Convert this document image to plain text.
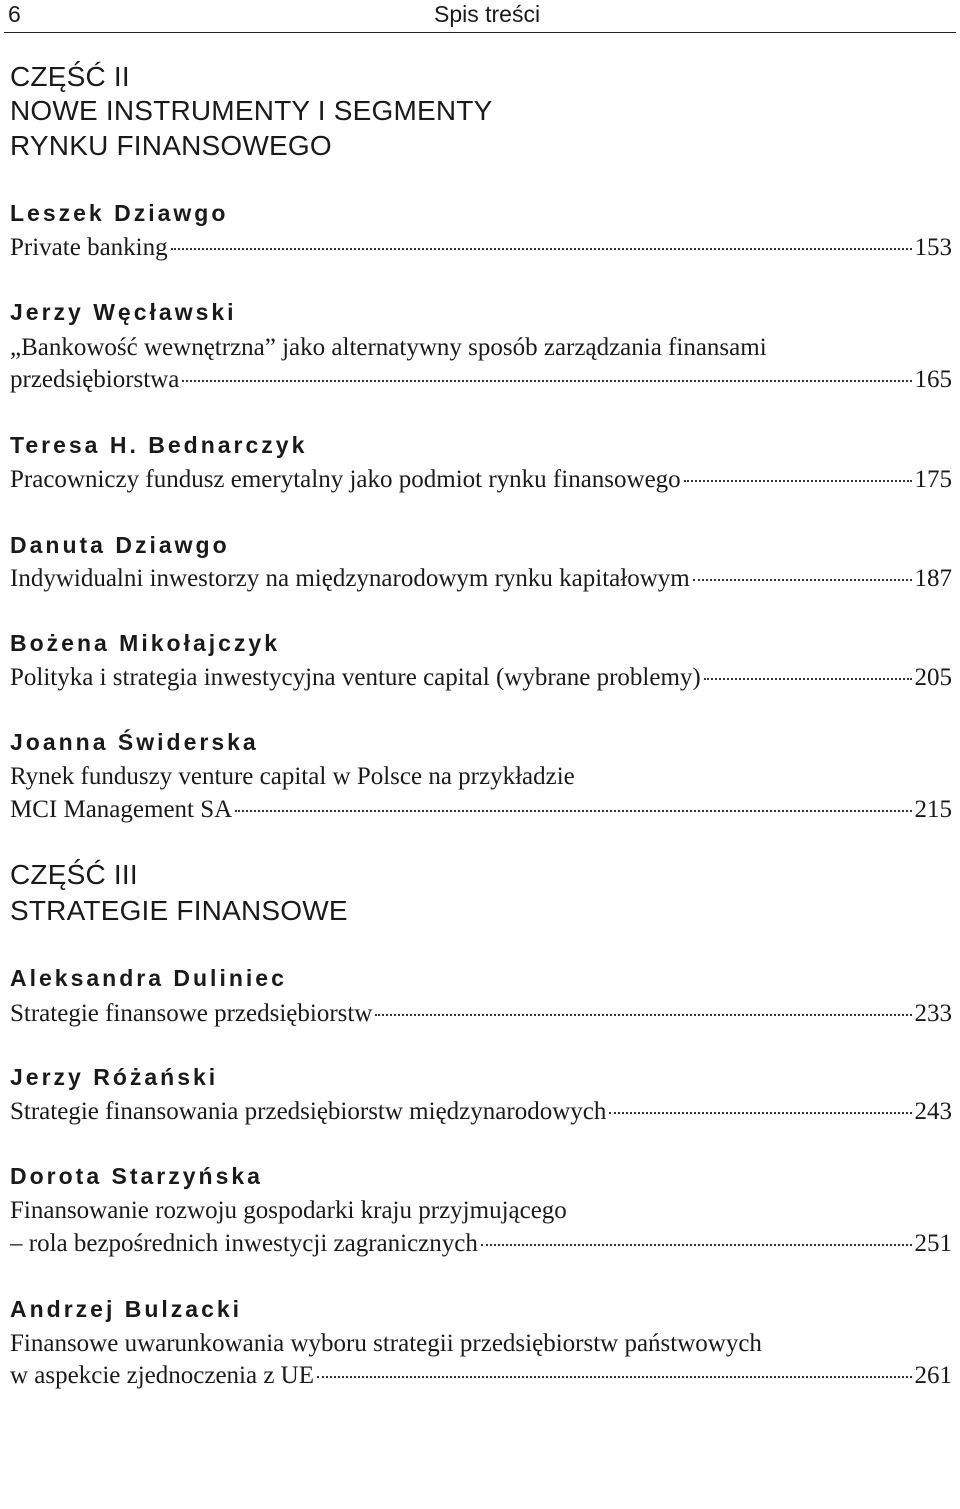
6	Spis treści
CZĘŚĆ II
NOWE INSTRUMENTY I SEGMENTY
RYNKU FINANSOWEGO
Leszek Dziawgo
Private banking	153
Jerzy Węcławski
„Bankowość wewnętrzna” jako alternatywny sposób zarządzania finansami
przedsiębiorstwa	165
Teresa H. Bednarczyk
Pracowniczy fundusz emerytalny jako podmiot rynku finansowego	175
Danuta Dziawgo
Indywidualni inwestorzy na międzynarodowym rynku kapitałowym	187
Bożena Mikołajczyk
Polityka i strategia inwestycyjna venture capital (wybrane problemy)	205
Joanna Świderska
Rynek funduszy venture capital w Polsce na przykładzie
MCI Management SA	215
CZĘŚĆ III
STRATEGIE FINANSOWE
Aleksandra Duliniec
Strategie finansowe przedsiębiorstw	233
Jerzy Różański
Strategie finansowania przedsiębiorstw międzynarodowych	243
Dorota Starzyńska
Finansowanie rozwoju gospodarki kraju przyjmującego
– rola bezpośrednich inwestycji zagranicznych	251
Andrzej Bulzacki
Finansowe uwarunkowania wyboru strategii przedsiębiorstw państwowych
w aspekcie zjednoczenia z UE	261
